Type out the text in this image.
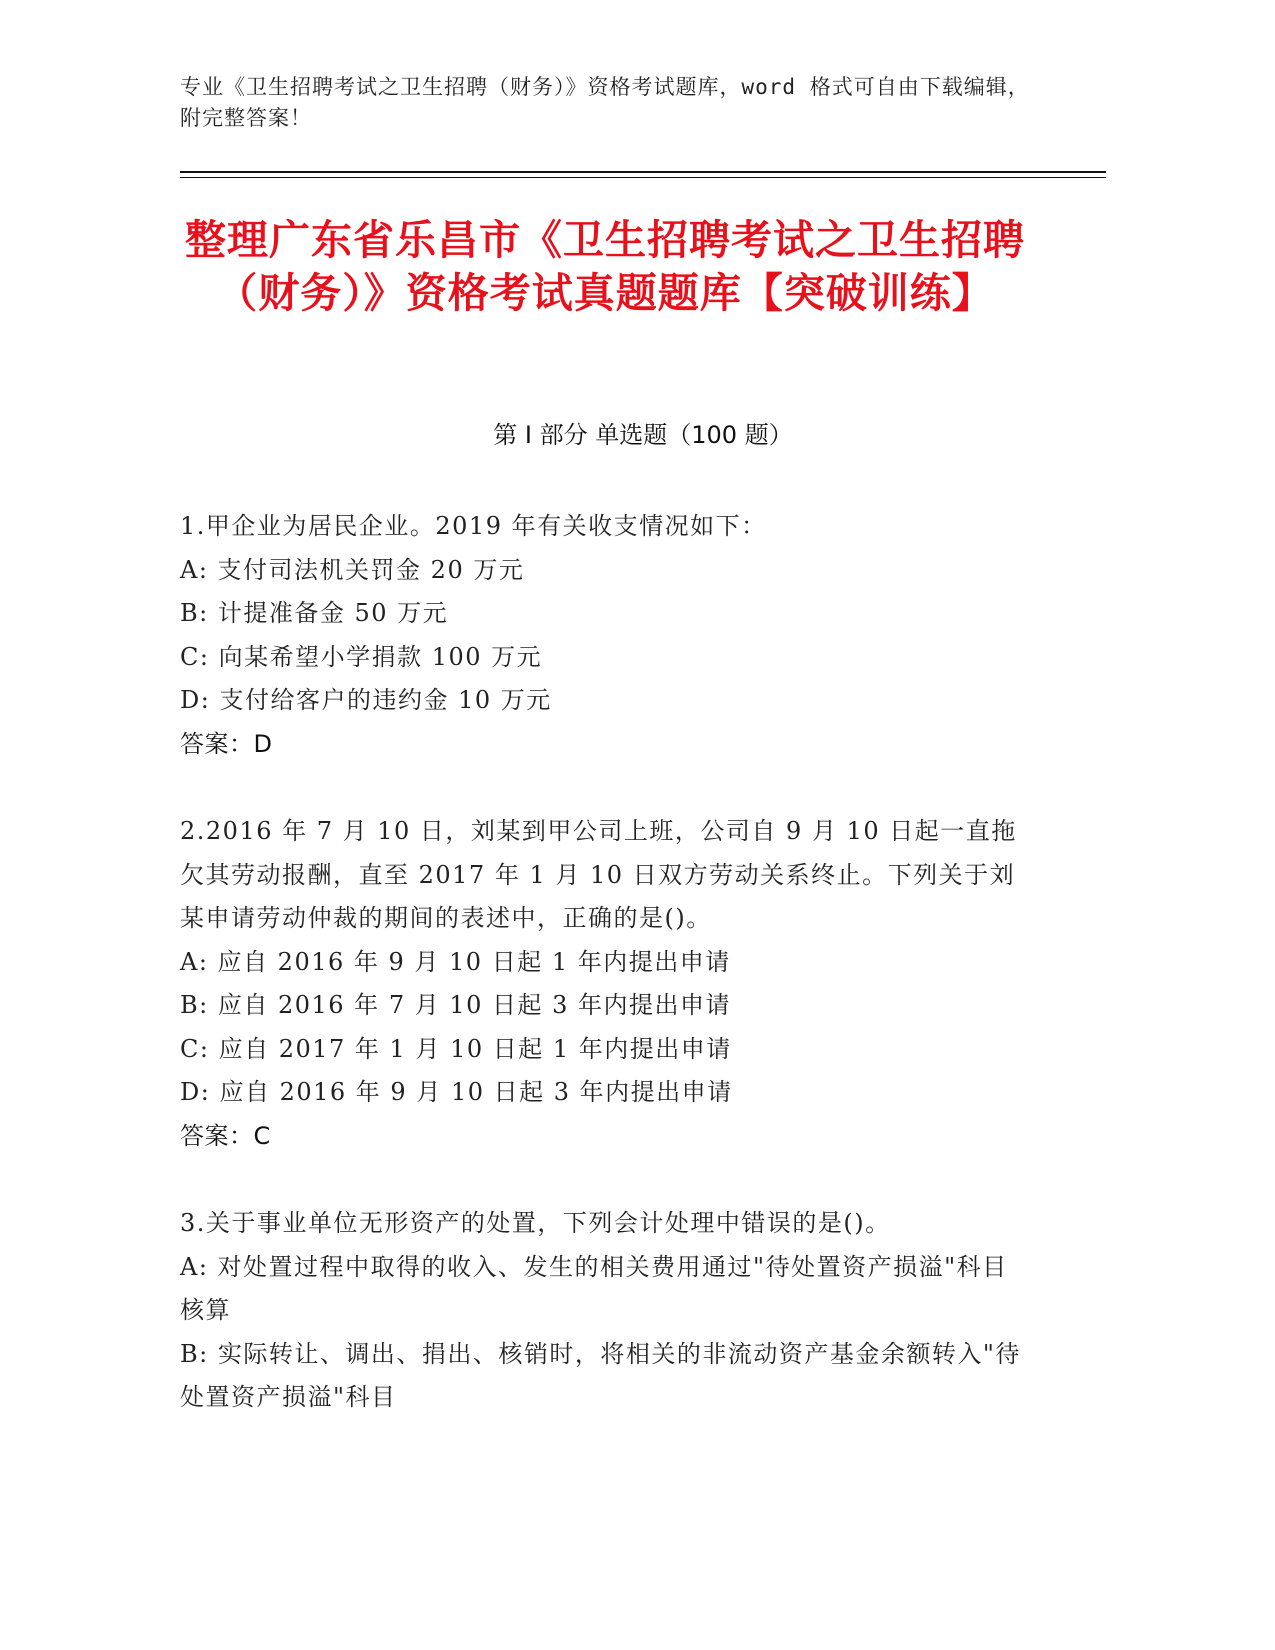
专业《卫生招聘考试之卫生招聘（财务）》资格考试题库，word 格式可自由下载编辑，附完整答案！
整理广东省乐昌市《卫生招聘考试之卫生招聘（财务）》资格考试真题题库【突破训练】
第 I 部分 单选题（100 题）

1.甲企业为居民企业。2019 年有关收支情况如下：

A: 支付司法机关罚金 20 万元

B: 计提准备金 50 万元

C: 向某希望小学捐款 100 万元

D: 支付给客户的违约金 10 万元

答案：D

2.2016 年 7 月 10 日，刘某到甲公司上班，公司自 9 月 10 日起一直拖欠其劳动报酬，直至 2017 年 1 月 10 日双方劳动关系终止。下列关于刘某申请劳动仲裁的期间的表述中，正确的是()。

A: 应自 2016 年 9 月 10 日起 1 年内提出申请

B: 应自 2016 年 7 月 10 日起 3 年内提出申请

C: 应自 2017 年 1 月 10 日起 1 年内提出申请

D: 应自 2016 年 9 月 10 日起 3 年内提出申请

答案：C

3.关于事业单位无形资产的处置，下列会计处理中错误的是()。

A: 对处置过程中取得的收入、发生的相关费用通过"待处置资产损溢"科目核算

B: 实际转让、调出、捐出、核销时，将相关的非流动资产基金余额转入"待处置资产损溢"科目
